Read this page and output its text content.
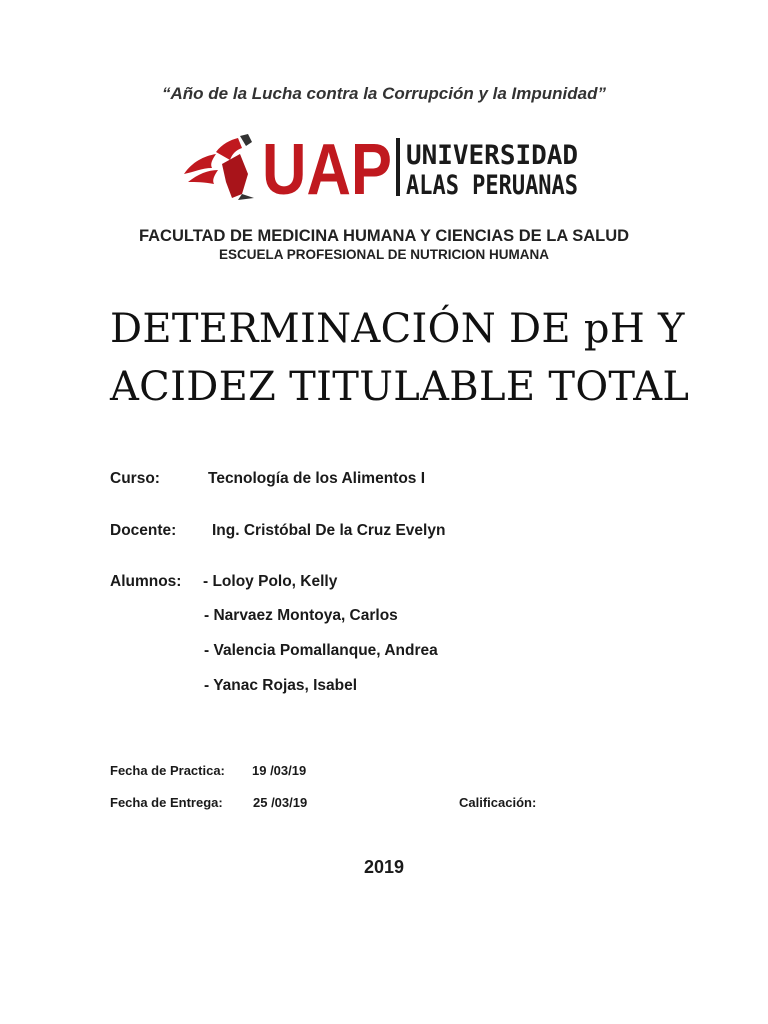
“Año de la Lucha contra la Corrupción y la Impunidad”
UAP UNIVERSIDAD
ALAS PERUANAS
FACULTAD DE MEDICINA HUMANA Y CIENCIAS DE LA SALUD
ESCUELA PROFESIONAL DE NUTRICION HUMANA
DETERMINACIÓN DE pH Y
ACIDEZ TITULABLE TOTAL
Curso:	Tecnología de los Alimentos I
Docente: Ing. Cristóbal De la Cruz Evelyn
Alumnos: - Loloy Polo, Kelly
- Narvaez Montoya, Carlos
- Valencia Pomallanque, Andrea
- Yanac Rojas, Isabel
Fecha de Practica: 19 /03/19
Fecha de Entrega: 25 /03/19	Calificación:
2019
